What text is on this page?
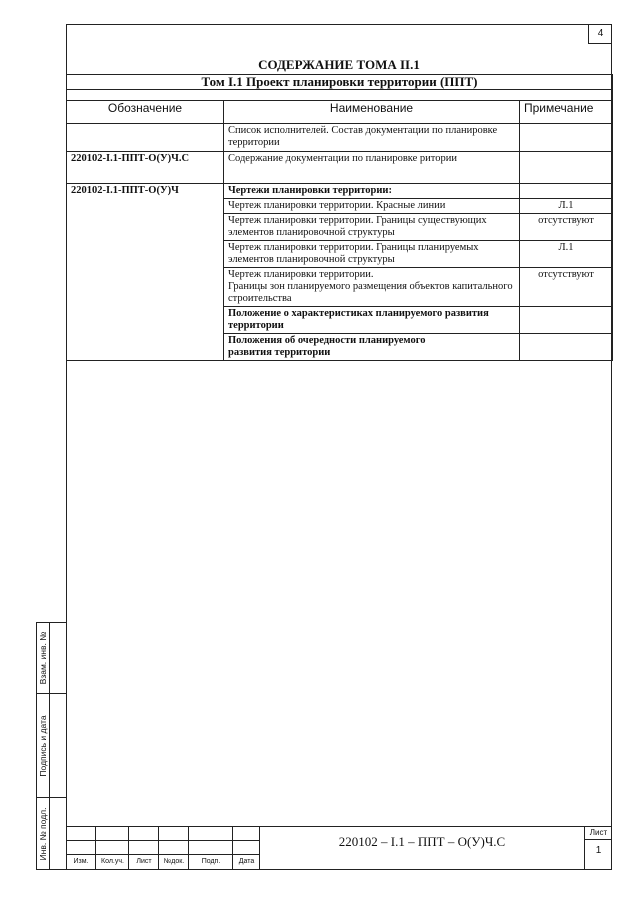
4
СОДЕРЖАНИЕ ТОМА II.1
Том I.1 Проект планировки территории (ППТ)		

Обозначение	Наименование	Примечание
	Список исполнителей. Состав документации по планировке территории	
220102-I.1-ППТ-О(У)Ч.С	Содержание документации по планировке ритории	
220102-I.1-ППТ-О(У)Ч	Чертежи планировки территории:	
	Чертеж планировки территории. Красные линии	Л.1
	Чертеж планировки территории. Границы существующих элементов планировочной структуры	отсутствуют
	Чертеж планировки территории. Границы планируемых элементов планировочной структуры	Л.1

	Чертеж планировки территории.
Границы зон планируемого размещения объектов капитального строительства	отсутствуют
	Положение о характеристиках планируемого развития территории	

	Положения об очередности планируемого
развития территории	

Взам. инв. №
Подпись и дата
Инв. № подл.
Изм.	Кол.уч.	Лист	№док.	Подп.	Дата
220102 – I.1 – ППТ – О(У)Ч.С
Лист
1
